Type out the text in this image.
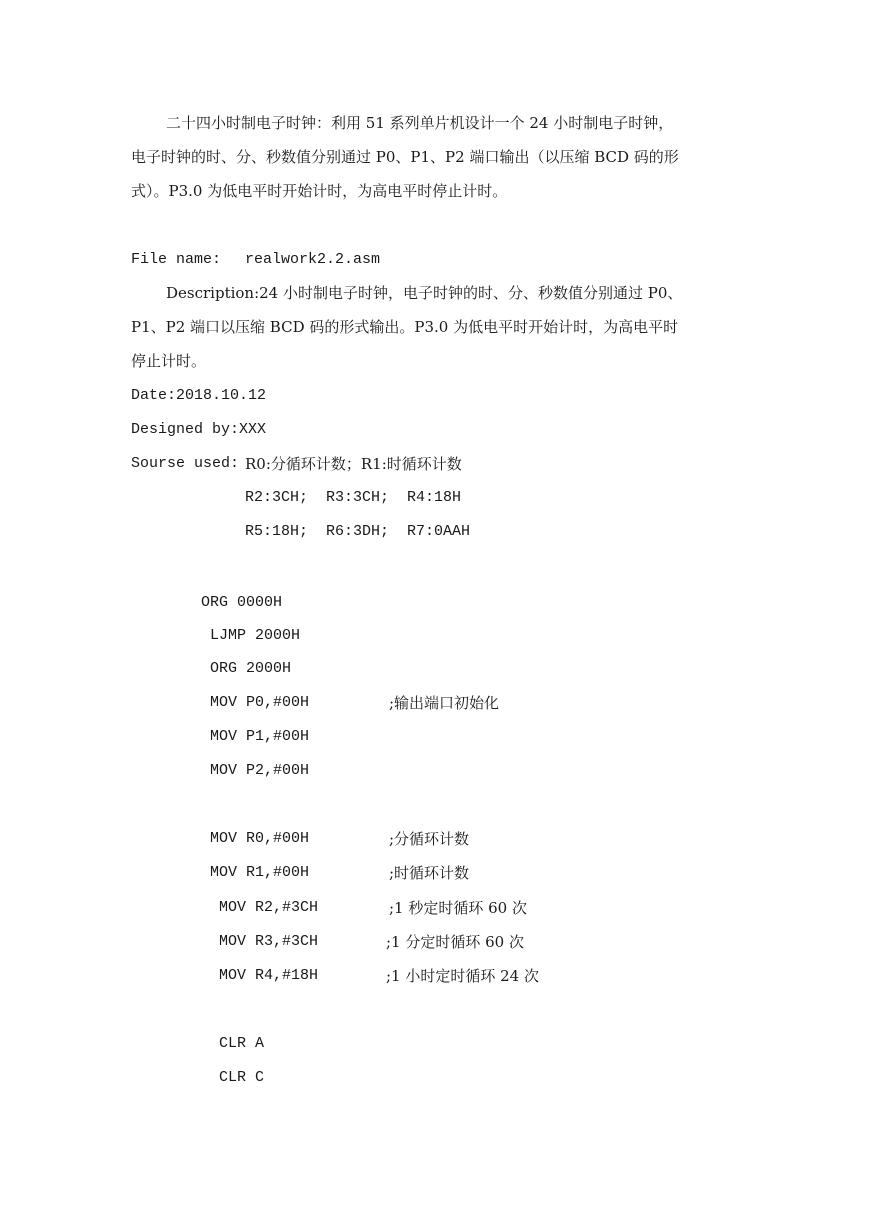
二十四小时制电子时钟：利用 51 系列单片机设计一个 24 小时制电子时钟，

电子时钟的时、分、秒数值分别通过 P0、P1、P2 端口输出（以压缩 BCD 码的形

式）。P3.0 为低电平时开始计时，为高电平时停止计时。

File name: realwork2.2.asm

Description:24 小时制电子时钟，电子时钟的时、分、秒数值分别通过 P0、

P1、P2 端口以压缩 BCD 码的形式输出。P3.0 为低电平时开始计时，为高电平时

停止计时。

Date:2018.10.12

Designed by:XXX

Sourse used: R0:分循环计数；R1:时循环计数

R2:3CH;  R3:3CH;  R4:18H

R5:18H;  R6:3DH;  R7:0AAH

ORG 0000H

LJMP 2000H

ORG 2000H

MOV P0,#00H	;输出端口初始化

MOV P1,#00H

MOV P2,#00H

MOV R0,#00H	;分循环计数

MOV R1,#00H	;时循环计数

MOV R2,#3CH	;1 秒定时循环 60 次

MOV R3,#3CH	;1 分定时循环 60 次

MOV R4,#18H	;1 小时定时循环 24 次

CLR A

CLR C
